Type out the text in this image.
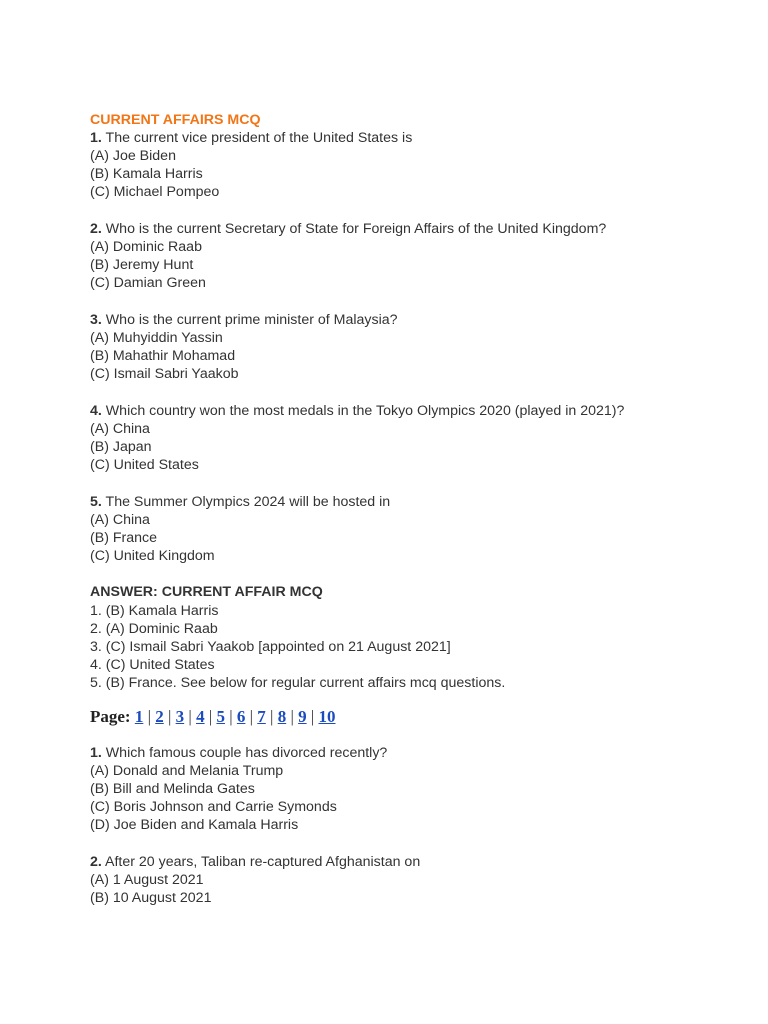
CURRENT AFFAIRS MCQ
1. The current vice president of the United States is
(A) Joe Biden
(B) Kamala Harris
(C) Michael Pompeo
2. Who is the current Secretary of State for Foreign Affairs of the United Kingdom?
(A) Dominic Raab
(B) Jeremy Hunt
(C) Damian Green
3. Who is the current prime minister of Malaysia?
(A) Muhyiddin Yassin
(B) Mahathir Mohamad
(C) Ismail Sabri Yaakob
4. Which country won the most medals in the Tokyo Olympics 2020 (played in 2021)?
(A) China
(B) Japan
(C) United States
5. The Summer Olympics 2024 will be hosted in
(A) China
(B) France
(C) United Kingdom
ANSWER: CURRENT AFFAIR MCQ
1. (B) Kamala Harris
2. (A) Dominic Raab
3. (C) Ismail Sabri Yaakob [appointed on 21 August 2021]
4. (C) United States
5. (B) France. See below for regular current affairs mcq questions.
Page: 1 | 2 | 3 | 4 | 5 | 6 | 7 | 8 | 9 | 10
1. Which famous couple has divorced recently?
(A) Donald and Melania Trump
(B) Bill and Melinda Gates
(C) Boris Johnson and Carrie Symonds
(D) Joe Biden and Kamala Harris
2. After 20 years, Taliban re-captured Afghanistan on
(A) 1 August 2021
(B) 10 August 2021
